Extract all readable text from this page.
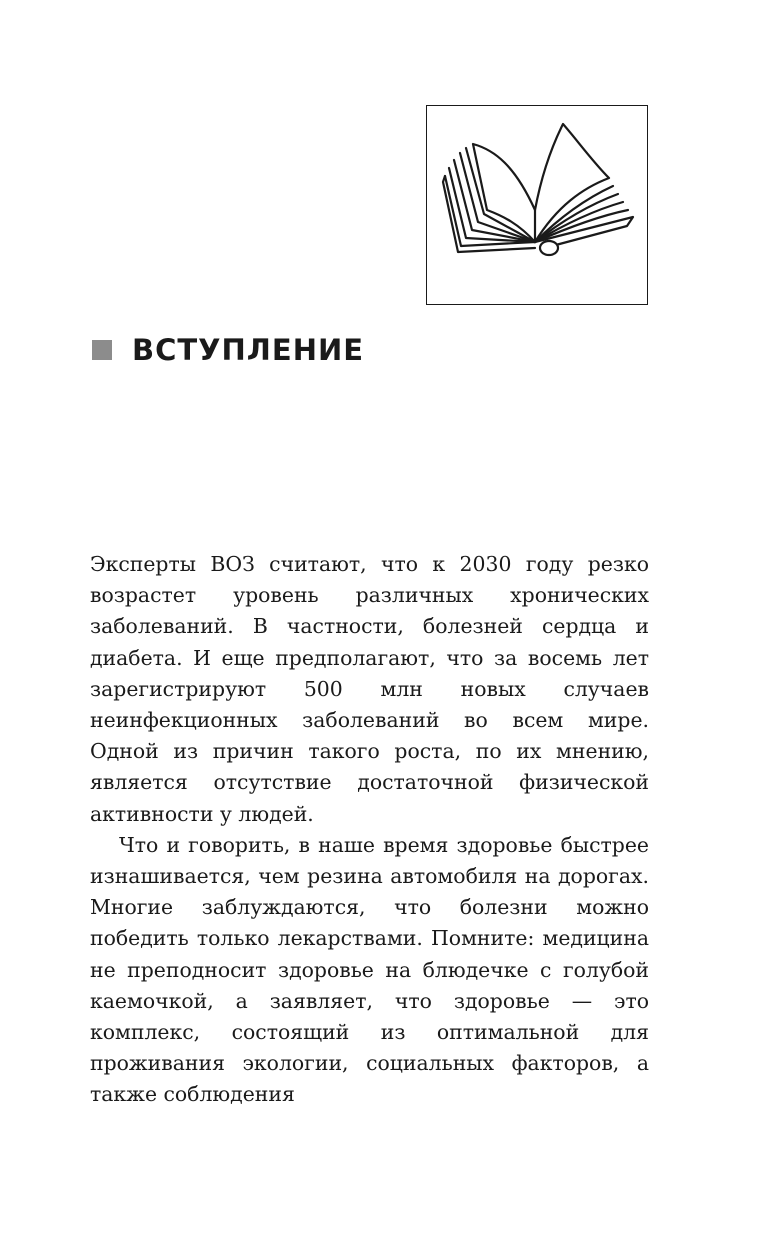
ВСТУПЛЕНИЕ

Эксперты ВОЗ считают, что к 2030 году резко возрастет уровень различных хронических заболеваний. В частности, болезней сердца и диабета. И еще предполагают, что за восемь лет зарегистрируют 500 млн новых случаев неинфекционных заболеваний во всем мире. Одной из причин такого роста, по их мнению, является отсутствие достаточной физической активности у людей.

Что и говорить, в наше время здоровье быстрее изнашивается, чем резина автомобиля на дорогах. Многие заблуждаются, что болезни можно победить только лекарствами. Помните: медицина не преподносит здоровье на блюдечке с голубой каемочкой, а заявляет, что здоровье — это комплекс, состоящий из оптимальной для проживания экологии, социальных факторов, а также соблюдения
